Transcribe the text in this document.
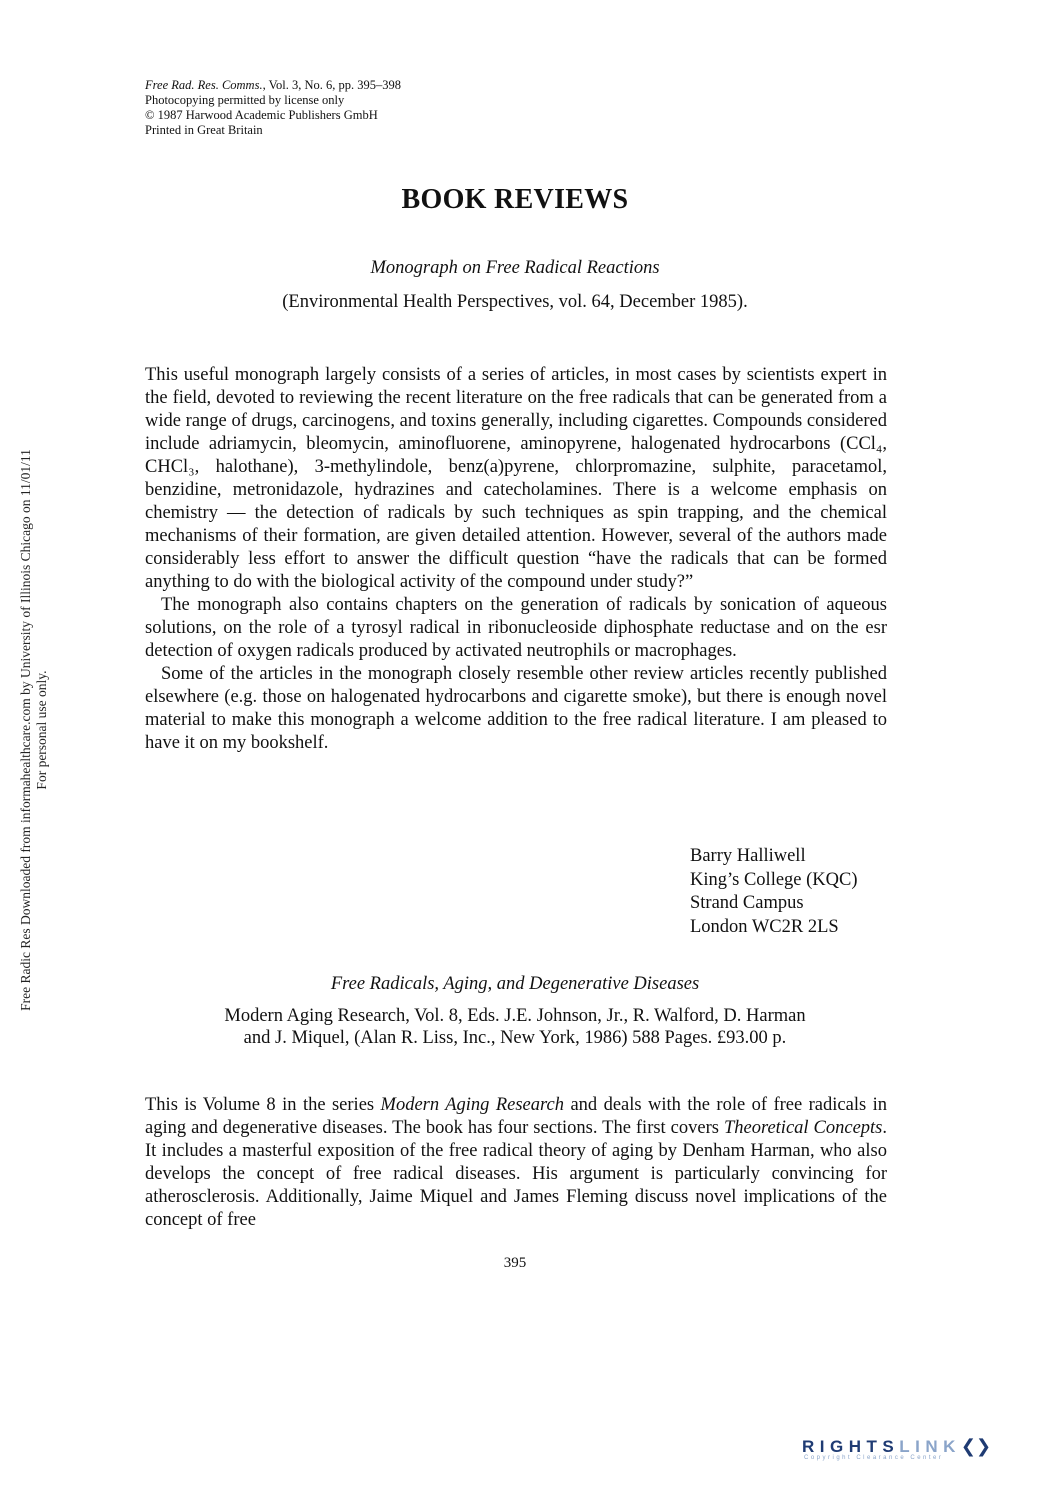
Free Rad. Res. Comms., Vol. 3, No. 6, pp. 395–398
Photocopying permitted by license only
© 1987 Harwood Academic Publishers GmbH
Printed in Great Britain
BOOK REVIEWS
Monograph on Free Radical Reactions
(Environmental Health Perspectives, vol. 64, December 1985).

This useful monograph largely consists of a series of articles, in most cases by scientists expert in the field, devoted to reviewing the recent literature on the free radicals that can be generated from a wide range of drugs, carcinogens, and toxins generally, including cigarettes. Compounds considered include adriamycin, bleomycin, aminofluorene, aminopyrene, halogenated hydrocarbons (CCl₄, CHCl₃, halothane), 3-methylindole, benz(a)pyrene, chlorpromazine, sulphite, paracetamol, benzidine, metronidazole, hydrazines and catecholamines. There is a welcome emphasis on chemistry — the detection of radicals by such techniques as spin trapping, and the chemical mechanisms of their formation, are given detailed attention. However, several of the authors made considerably less effort to answer the difficult question “have the radicals that can be formed anything to do with the biological activity of the compound under study?”

The monograph also contains chapters on the generation of radicals by sonication of aqueous solutions, on the role of a tyrosyl radical in ribonucleoside diphosphate reductase and on the esr detection of oxygen radicals produced by activated neutrophils or macrophages.

Some of the articles in the monograph closely resemble other review articles recently published elsewhere (e.g. those on halogenated hydrocarbons and cigarette smoke), but there is enough novel material to make this monograph a welcome addition to the free radical literature. I am pleased to have it on my bookshelf.

Barry Halliwell
King’s College (KQC)
Strand Campus
London WC2R 2LS
Free Radicals, Aging, and Degenerative Diseases
Modern Aging Research, Vol. 8, Eds. J.E. Johnson, Jr., R. Walford, D. Harman
and J. Miquel, (Alan R. Liss, Inc., New York, 1986) 588 Pages. £93.00 p.

This is Volume 8 in the series Modern Aging Research and deals with the role of free radicals in aging and degenerative diseases. The book has four sections. The first covers Theoretical Concepts. It includes a masterful exposition of the free radical theory of aging by Denham Harman, who also develops the concept of free radical diseases. His argument is particularly convincing for atherosclerosis. Additionally, Jaime Miquel and James Fleming discuss novel implications of the concept of free

395
Free Radic Res Downloaded from informahealthcare.com by University of Illinois Chicago on 11/01/11 For personal use only.
RIGHTSLINK❮❯
Copyright Clearance Center
